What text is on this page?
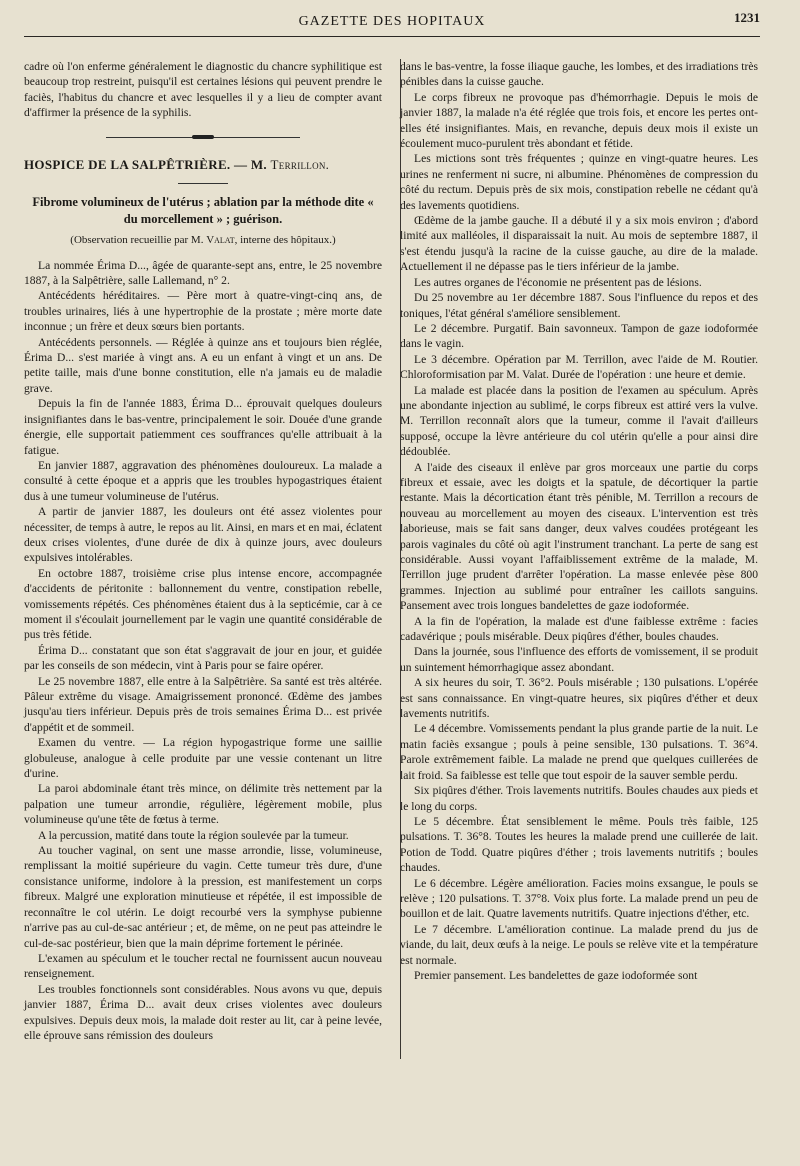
GAZETTE DES HOPITAUX	1231

cadre où l'on enferme généralement le diagnostic du chancre syphilitique est beaucoup trop restreint, puisqu'il est certaines lésions qui peuvent prendre le faciès, l'habitus du chancre et avec lesquelles il y a lieu de compter avant d'affirmer la présence de la syphilis.

HOSPICE DE LA SALPÊTRIÈRE. — M. Terrillon.
Fibrome volumineux de l'utérus ; ablation par la méthode dite « du morcellement » ; guérison.
(Observation recueillie par M. Valat, interne des hôpitaux.)

La nommée Érima D..., âgée de quarante-sept ans, entre, le 25 novembre 1887, à la Salpêtrière, salle Lallemand, n° 2.

Antécédents héréditaires. — Père mort à quatre-vingt-cinq ans, de troubles urinaires, liés à une hypertrophie de la prostate ; mère morte date inconnue ; un frère et deux sœurs bien portants.

Antécédents personnels. — Réglée à quinze ans et toujours bien réglée, Érima D... s'est mariée à vingt ans. A eu un enfant à vingt et un ans. De petite taille, mais d'une bonne constitution, elle n'a jamais eu de maladie grave.

Depuis la fin de l'année 1883, Érima D... éprouvait quelques douleurs insignifiantes dans le bas-ventre, principalement le soir. Douée d'une grande énergie, elle supportait patiemment ces souffrances qu'elle attribuait à la fatigue.

En janvier 1887, aggravation des phénomènes douloureux. La malade a consulté à cette époque et a appris que les troubles hypogastriques étaient dus à une tumeur volumineuse de l'utérus.

A partir de janvier 1887, les douleurs ont été assez violentes pour nécessiter, de temps à autre, le repos au lit. Ainsi, en mars et en mai, éclatent deux crises violentes, d'une durée de dix à quinze jours, avec douleurs expulsives intolérables.

En octobre 1887, troisième crise plus intense encore, accompagnée d'accidents de péritonite : ballonnement du ventre, constipation rebelle, vomissements répétés. Ces phénomènes étaient dus à la septicémie, car à ce moment il s'écoulait journellement par le vagin une quantité considérable de pus très fétide.

Érima D... constatant que son état s'aggravait de jour en jour, et guidée par les conseils de son médecin, vint à Paris pour se faire opérer.

Le 25 novembre 1887, elle entre à la Salpêtrière. Sa santé est très altérée. Pâleur extrême du visage. Amaigrissement prononcé. Œdème des jambes jusqu'au tiers inférieur. Depuis près de trois semaines Érima D... est privée d'appétit et de sommeil.

Examen du ventre. — La région hypogastrique forme une saillie globuleuse, analogue à celle produite par une vessie contenant un litre d'urine.

La paroi abdominale étant très mince, on délimite très nettement par la palpation une tumeur arrondie, régulière, légèrement mobile, plus volumineuse qu'une tête de fœtus à terme.

A la percussion, matité dans toute la région soulevée par la tumeur.

Au toucher vaginal, on sent une masse arrondie, lisse, volumineuse, remplissant la moitié supérieure du vagin. Cette tumeur très dure, d'une consistance uniforme, indolore à la pression, est manifestement un corps fibreux. Malgré une exploration minutieuse et répétée, il est impossible de reconnaître le col utérin. Le doigt recourbé vers la symphyse pubienne n'arrive pas au cul-de-sac antérieur ; et, de même, on ne peut pas atteindre le cul-de-sac postérieur, bien que la main déprime fortement le périnée.

L'examen au spéculum et le toucher rectal ne fournissent aucun nouveau renseignement.

Les troubles fonctionnels sont considérables. Nous avons vu que, depuis janvier 1887, Érima D... avait deux crises violentes avec douleurs expulsives. Depuis deux mois, la malade doit rester au lit, car à peine levée, elle éprouve sans rémission des douleurs

dans le bas-ventre, la fosse iliaque gauche, les lombes, et des irradiations très pénibles dans la cuisse gauche.

Le corps fibreux ne provoque pas d'hémorrhagie. Depuis le mois de janvier 1887, la malade n'a été réglée que trois fois, et encore les pertes ont-elles été insignifiantes. Mais, en revanche, depuis deux mois il existe un écoulement muco-purulent très abondant et fétide.

Les mictions sont très fréquentes ; quinze en vingt-quatre heures. Les urines ne renferment ni sucre, ni albumine. Phénomènes de compression du côté du rectum. Depuis près de six mois, constipation rebelle ne cédant qu'à des lavements quotidiens.

Œdème de la jambe gauche. Il a débuté il y a six mois environ ; d'abord limité aux malléoles, il disparaissait la nuit. Au mois de septembre 1887, il s'est étendu jusqu'à la racine de la cuisse gauche, au dire de la malade. Actuellement il ne dépasse pas le tiers inférieur de la jambe.

Les autres organes de l'économie ne présentent pas de lésions.

Du 25 novembre au 1er décembre 1887. Sous l'influence du repos et des toniques, l'état général s'améliore sensiblement.

Le 2 décembre. Purgatif. Bain savonneux. Tampon de gaze iodoformée dans le vagin.

Le 3 décembre. Opération par M. Terrillon, avec l'aide de M. Routier. Chloroformisation par M. Valat. Durée de l'opération : une heure et demie.

La malade est placée dans la position de l'examen au spéculum. Après une abondante injection au sublimé, le corps fibreux est attiré vers la vulve. M. Terrillon reconnaît alors que la tumeur, comme il l'avait d'ailleurs supposé, occupe la lèvre antérieure du col utérin qu'elle a pour ainsi dire dédoublée.

A l'aide des ciseaux il enlève par gros morceaux une partie du corps fibreux et essaie, avec les doigts et la spatule, de décortiquer la partie restante. Mais la décortication étant très pénible, M. Terrillon a recours de nouveau au morcellement au moyen des ciseaux. L'intervention est très laborieuse, mais se fait sans danger, deux valves coudées protégeant les parois vaginales du côté où agit l'instrument tranchant. La perte de sang est considérable. Aussi voyant l'affaiblissement extrême de la malade, M. Terrillon juge prudent d'arrêter l'opération. La masse enlevée pèse 800 grammes. Injection au sublimé pour entraîner les caillots sanguins. Pansement avec trois longues bandelettes de gaze iodoformée.

A la fin de l'opération, la malade est d'une faiblesse extrême : facies cadavérique ; pouls misérable. Deux piqûres d'éther, boules chaudes.

Dans la journée, sous l'influence des efforts de vomissement, il se produit un suintement hémorrhagique assez abondant.

A six heures du soir, T. 36°2. Pouls misérable ; 130 pulsations. L'opérée est sans connaissance. En vingt-quatre heures, six piqûres d'éther et deux lavements nutritifs.

Le 4 décembre. Vomissements pendant la plus grande partie de la nuit. Le matin faciès exsangue ; pouls à peine sensible, 130 pulsations. T. 36°4. Parole extrêmement faible. La malade ne prend que quelques cuillerées de lait froid. Sa faiblesse est telle que tout espoir de la sauver semble perdu.

Six piqûres d'éther. Trois lavements nutritifs. Boules chaudes aux pieds et le long du corps.

Le 5 décembre. État sensiblement le même. Pouls très faible, 125 pulsations. T. 36°8. Toutes les heures la malade prend une cuillerée de lait. Potion de Todd. Quatre piqûres d'éther ; trois lavements nutritifs ; boules chaudes.

Le 6 décembre. Légère amélioration. Facies moins exsangue, le pouls se relève ; 120 pulsations. T. 37°8. Voix plus forte. La malade prend un peu de bouillon et de lait. Quatre lavements nutritifs. Quatre injections d'éther, etc.

Le 7 décembre. L'amélioration continue. La malade prend du jus de viande, du lait, deux œufs à la neige. Le pouls se relève vite et la température est normale.

Premier pansement. Les bandelettes de gaze iodoformée sont
